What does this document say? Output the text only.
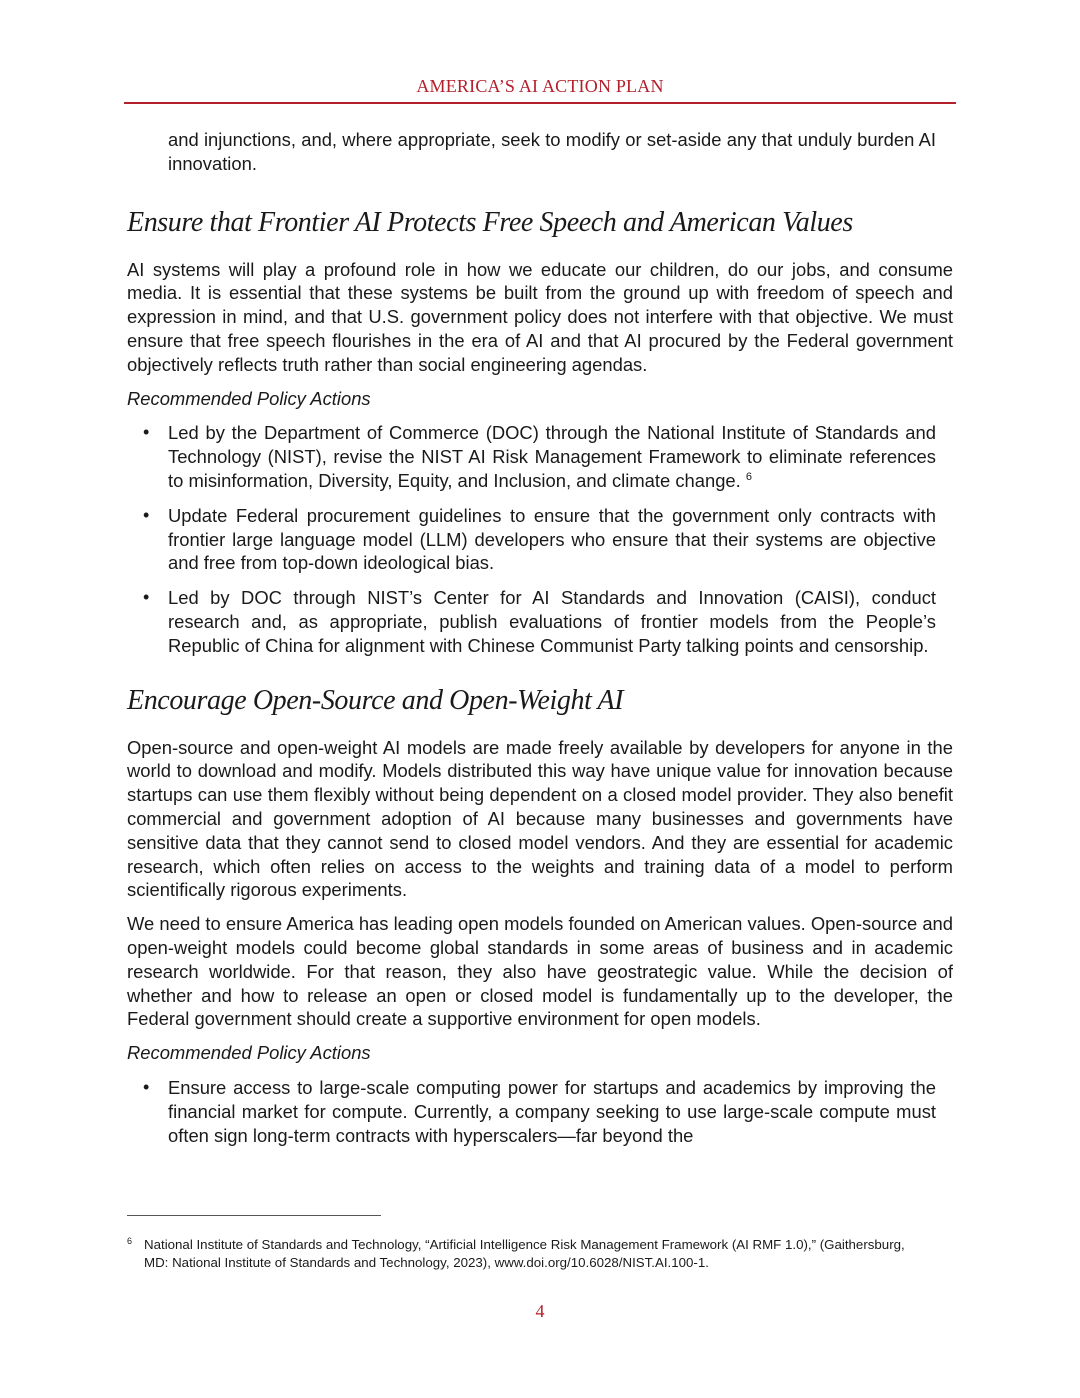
AMERICA’S AI ACTION PLAN

and injunctions, and, where appropriate, seek to modify or set-aside any that unduly burden AI innovation.

Ensure that Frontier AI Protects Free Speech and American Values

AI systems will play a profound role in how we educate our children, do our jobs, and consume media. It is essential that these systems be built from the ground up with freedom of speech and expression in mind, and that U.S. government policy does not interfere with that objective. We must ensure that free speech flourishes in the era of AI and that AI procured by the Federal government objectively reflects truth rather than social engineering agendas.

Recommended Policy Actions

• Led by the Department of Commerce (DOC) through the National Institute of Standards and Technology (NIST), revise the NIST AI Risk Management Framework to eliminate references to misinformation, Diversity, Equity, and Inclusion, and climate change. $^6$

• Update Federal procurement guidelines to ensure that the government only contracts with frontier large language model (LLM) developers who ensure that their systems are objective and free from top-down ideological bias.

• Led by DOC through NIST’s Center for AI Standards and Innovation (CAISI), conduct research and, as appropriate, publish evaluations of frontier models from the People’s Republic of China for alignment with Chinese Communist Party talking points and censorship.

Encourage Open-Source and Open-Weight AI

Open-source and open-weight AI models are made freely available by developers for anyone in the world to download and modify. Models distributed this way have unique value for innovation because startups can use them flexibly without being dependent on a closed model provider. They also benefit commercial and government adoption of AI because many businesses and governments have sensitive data that they cannot send to closed model vendors. And they are essential for academic research, which often relies on access to the weights and training data of a model to perform scientifically rigorous experiments.

We need to ensure America has leading open models founded on American values. Open-source and open-weight models could become global standards in some areas of business and in academic research worldwide. For that reason, they also have geostrategic value. While the decision of whether and how to release an open or closed model is fundamentally up to the developer, the Federal government should create a supportive environment for open models.

Recommended Policy Actions

• Ensure access to large-scale computing power for startups and academics by improving the financial market for compute. Currently, a company seeking to use large-scale compute must often sign long-term contracts with hyperscalers—far beyond the

6 National Institute of Standards and Technology, “Artificial Intelligence Risk Management Framework (AI RMF 1.0),” (Gaithersburg, MD: National Institute of Standards and Technology, 2023), www.doi.org/10.6028/NIST.AI.100-1.
4
